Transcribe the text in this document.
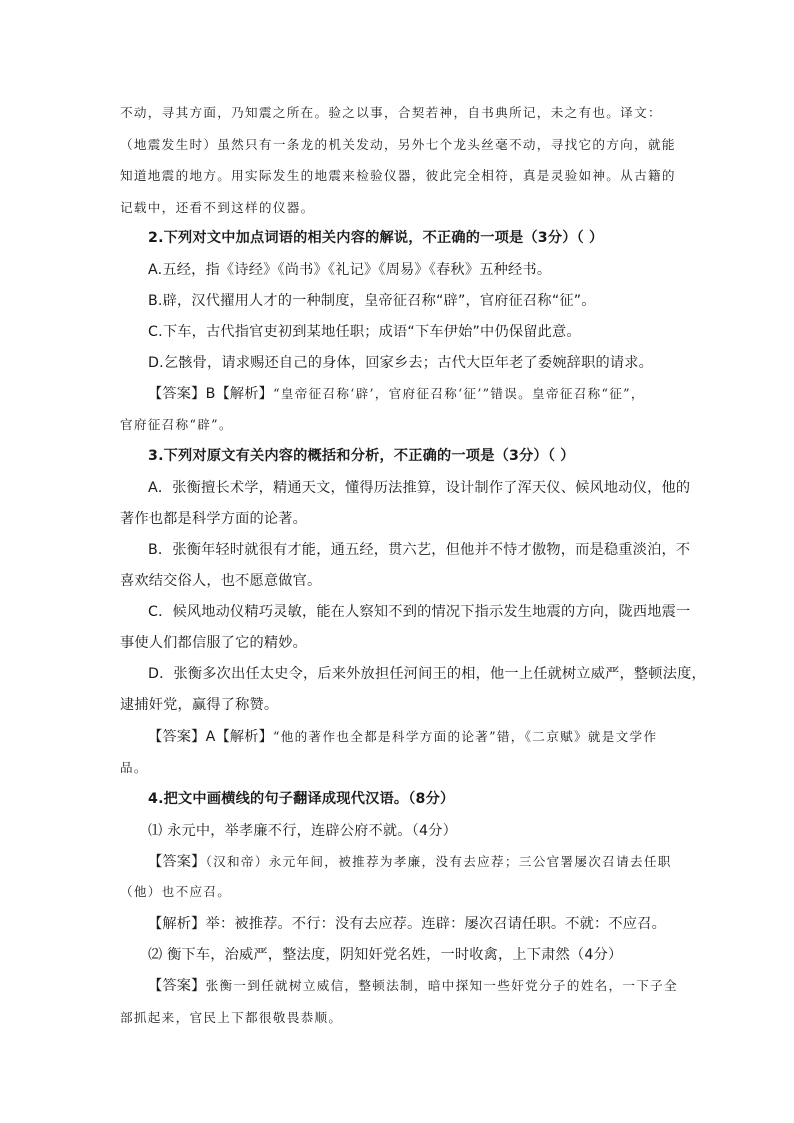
不动，寻其方面，乃知震之所在。验之以事，合契若神，自书典所记，未之有也。译文：
（地震发生时）虽然只有一条龙的机关发动，另外七个龙头丝毫不动，寻找它的方向，就能
知道地震的地方。用实际发生的地震来检验仪器，彼此完全相符，真是灵验如神。从古籍的
记载中，还看不到这样的仪器。
2.下列对文中加点词语的相关内容的解说，不正确的一项是（3分）（ ）
A.五经，指《诗经》《尚书》《礼记》《周易》《春秋》五种经书。
B.辟，汉代擢用人才的一种制度，皇帝征召称“辟”，官府征召称“征”。
C.下车，古代指官吏初到某地任职；成语“下车伊始”中仍保留此意。
D.乞骸骨，请求赐还自己的身体，回家乡去；古代大臣年老了委婉辞职的请求。
【答案】B【解析】“皇帝征召称‘辟’，官府征召称‘征’”错误。皇帝征召称“征”，
官府征召称“辟”。
3.下列对原文有关内容的概括和分析，不正确的一项是（3分）（ ）
A．张衡擅长术学，精通天文，懂得历法推算，设计制作了浑天仪、候风地动仪，他的
著作也都是科学方面的论著。
B．张衡年轻时就很有才能，通五经，贯六艺，但他并不恃才傲物，而是稳重淡泊，不
喜欢结交俗人，也不愿意做官。
C．候风地动仪精巧灵敏，能在人察知不到的情况下指示发生地震的方向，陇西地震一
事使人们都信服了它的精妙。
D．张衡多次出任太史令，后来外放担任河间王的相，他一上任就树立威严，整顿法度，
逮捕奸党，赢得了称赞。
【答案】A【解析】“他的著作也全都是科学方面的论著”错，《二京赋》就是文学作
品。
4.把文中画横线的句子翻译成现代汉语。（8分）
⑴ 永元中，举孝廉不行，连辟公府不就。（4分）
【答案】（汉和帝）永元年间，被推荐为孝廉，没有去应荐；三公官署屡次召请去任职
（他）也不应召。
【解析】举：被推荐。不行：没有去应荐。连辟：屡次召请任职。不就：不应召。
⑵ 衡下车，治威严，整法度，阴知奸党名姓，一时收禽，上下肃然（4分）
【答案】张衡一到任就树立威信，整顿法制，暗中探知一些奸党分子的姓名，一下子全
部抓起来，官民上下都很敬畏恭顺。
